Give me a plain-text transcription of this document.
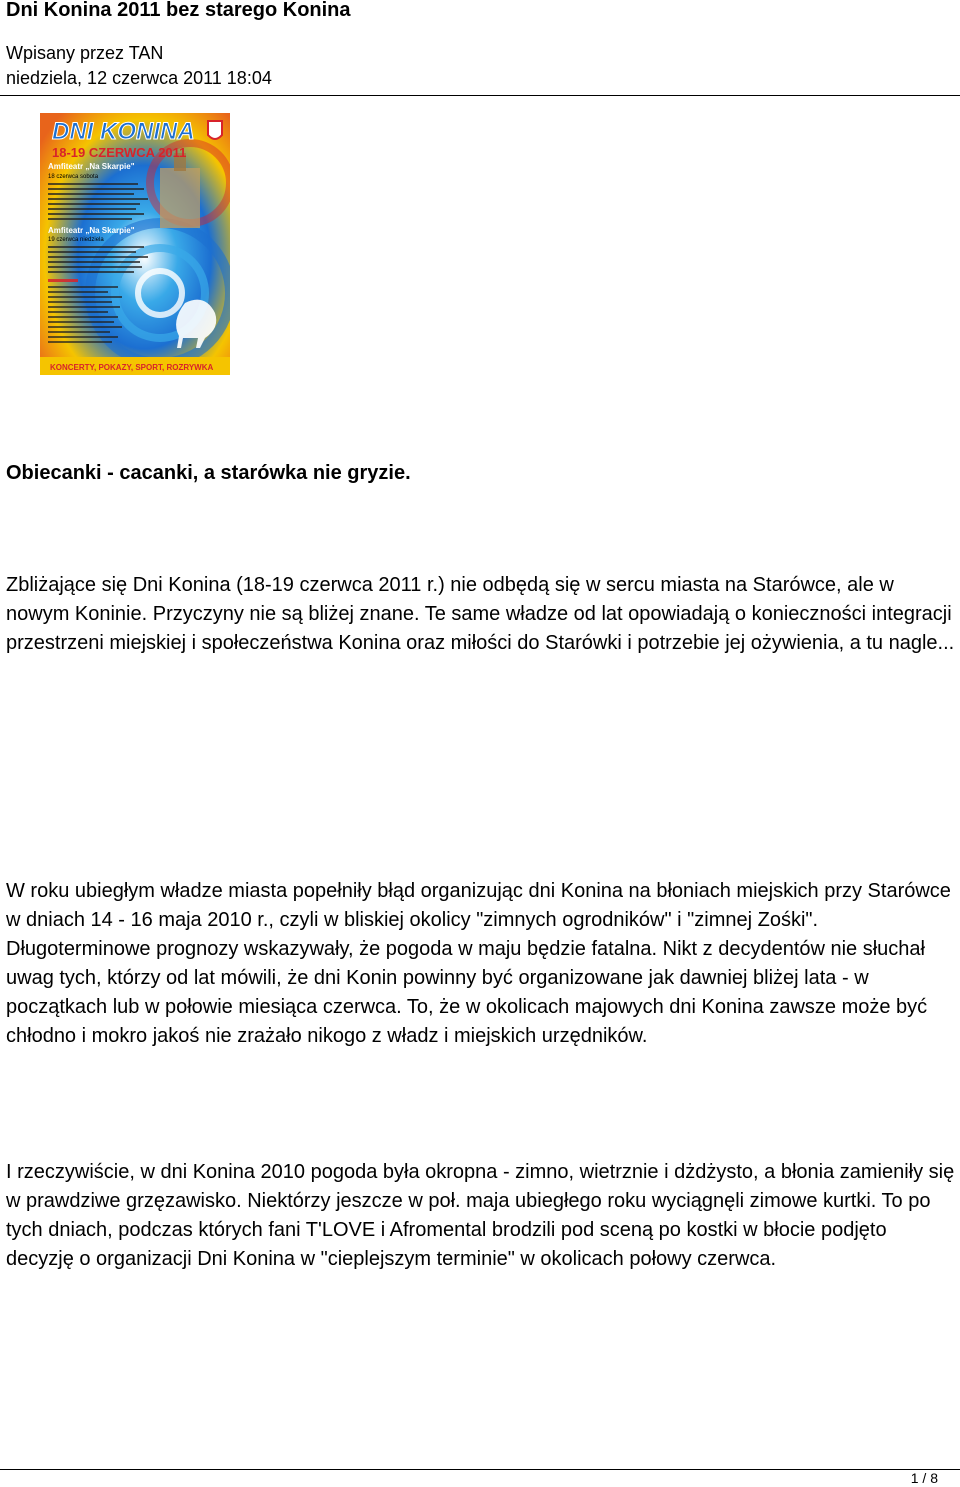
Dni Konina 2011 bez starego Konina
Wpisany przez TAN
niedziela, 12 czerwca 2011 18:04
DNI KONINA
18-19 CZERWCA 2011
Amfiteatr „Na Skarpie"
18 czerwca sobota
Amfiteatr „Na Skarpie"
19 czerwca niedziela
KONCERTY, POKAZY, SPORT, ROZRYWKA
Obiecanki - cacanki, a starówka nie gryzie.
Zbliżające się Dni Konina (18-19 czerwca 2011 r.) nie odbędą się w sercu miasta na Starówce, ale w nowym Koninie. Przyczyny nie są bliżej znane. Te same władze od lat opowiadają o konieczności integracji przestrzeni miejskiej i społeczeństwa Konina oraz miłości do Starówki i potrzebie jej ożywienia, a tu nagle...
W roku ubiegłym władze miasta popełniły błąd organizując dni Konina na błoniach miejskich przy Starówce w dniach 14 - 16 maja 2010 r., czyli w bliskiej okolicy "zimnych ogrodników" i "zimnej Zośki". Długoterminowe prognozy wskazywały, że pogoda w maju będzie fatalna. Nikt z decydentów nie słuchał uwag tych, którzy od lat mówili, że dni Konin powinny być organizowane jak dawniej bliżej lata - w początkach lub w połowie miesiąca czerwca. To, że w okolicach majowych dni Konina zawsze może być chłodno i mokro jakoś nie zrażało nikogo z władz i miejskich urzędników.
I rzeczywiście, w dni Konina 2010 pogoda była okropna - zimno, wietrznie i dżdżysto, a błonia zamieniły się w prawdziwe grzęzawisko. Niektórzy jeszcze w poł. maja ubiegłego roku wyciągnęli zimowe kurtki. To po tych dniach, podczas których fani T'LOVE i Afromental brodzili pod sceną po kostki w błocie podjęto decyzję o organizacji Dni Konina w "cieplejszym terminie" w okolicach połowy czerwca.
1 / 8
